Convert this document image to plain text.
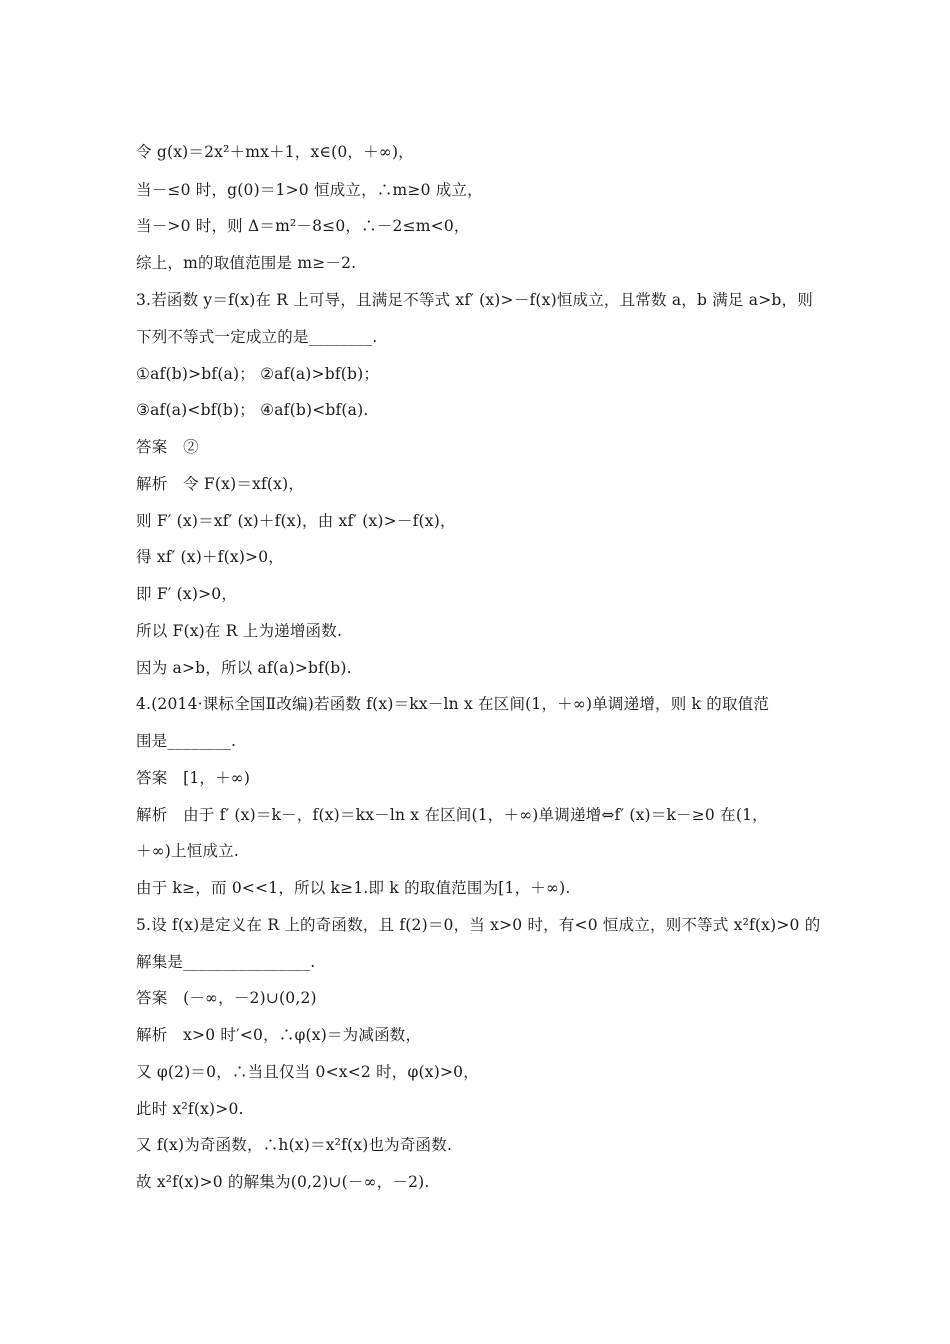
令 g(x)＝2x²＋mx＋1，x∈(0，＋∞)，
当－≤0 时，g(0)＝1>0 恒成立，∴m≥0 成立，
当－>0 时，则 Δ＝m²－8≤0，∴－2≤m<0，
综上，m的取值范围是 m≥－2.
3.若函数 y＝f(x)在 R 上可导，且满足不等式 xf′ (x)>－f(x)恒成立，且常数 a，b 满足 a>b，则
下列不等式一定成立的是________.
①af(b)>bf(a)； ②af(a)>bf(b)；
③af(a)<bf(b)； ④af(b)<bf(a).
答案　②
解析　令 F(x)＝xf(x)，
则 F′ (x)＝xf′ (x)＋f(x)，由 xf′ (x)>－f(x)，
得 xf′ (x)＋f(x)>0，
即 F′ (x)>0，
所以 F(x)在 R 上为递增函数.
因为 a>b，所以 af(a)>bf(b).
4.(2014·课标全国Ⅱ改编)若函数 f(x)＝kx－ln x 在区间(1，＋∞)单调递增，则 k 的取值范
围是________.
答案　[1，＋∞)
解析　由于 f′ (x)＝k－，f(x)＝kx－ln x 在区间(1，＋∞)单调递增⇔f′ (x)＝k－≥0 在(1，
＋∞)上恒成立.
由于 k≥，而 0<<1，所以 k≥1.即 k 的取值范围为[1，＋∞).
5.设 f(x)是定义在 R 上的奇函数，且 f(2)＝0，当 x>0 时，有<0 恒成立，则不等式 x²f(x)>0 的
解集是________________.
答案　(－∞，－2)∪(0,2)
解析　x>0 时′<0，∴φ(x)＝为减函数，
又 φ(2)＝0，∴当且仅当 0<x<2 时，φ(x)>0，
此时 x²f(x)>0.
又 f(x)为奇函数，∴h(x)＝x²f(x)也为奇函数.
故 x²f(x)>0 的解集为(0,2)∪(－∞，－2).
